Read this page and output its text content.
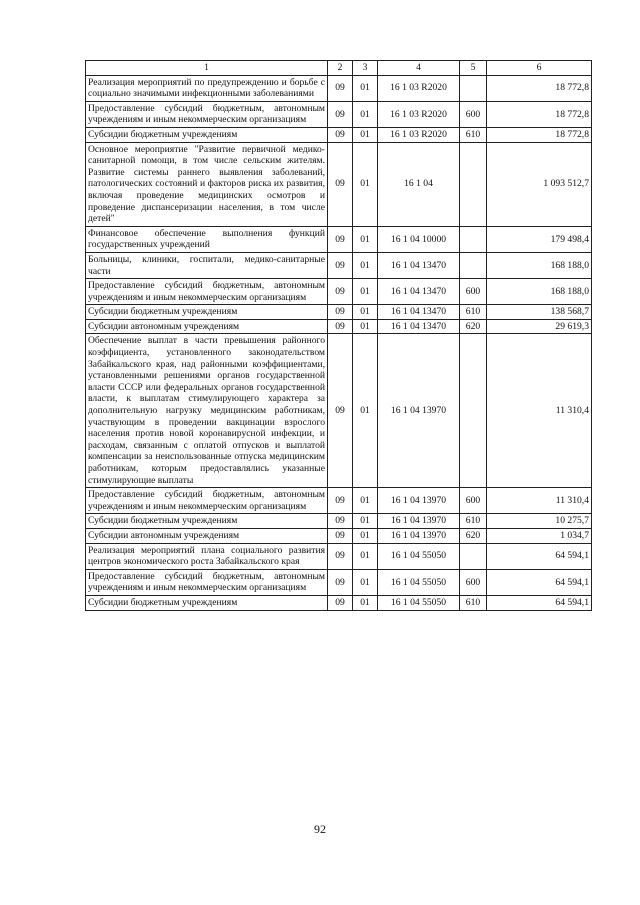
1	2	3	4	5	6
Реализация мероприятий по предупреждению и борьбе с социально значимыми инфекционными заболеваниями	09	01	16 1 03 R2020		18 772,8
Предоставление субсидий бюджетным, автономным учреждениям и иным некоммерческим организациям	09	01	16 1 03 R2020	600	18 772,8
Субсидии бюджетным учреждениям	09	01	16 1 03 R2020	610	18 772,8
Основное мероприятие "Развитие первичной медико-санитарной помощи, в том числе сельским жителям. Развитие системы раннего выявления заболеваний, патологических состояний и факторов риска их развития, включая проведение медицинских осмотров и проведение диспансеризации населения, в том числе детей"	09	01	16 1 04		1 093 512,7
Финансовое обеспечение выполнения функций государственных учреждений	09	01	16 1 04 10000		179 498,4
Больницы, клиники, госпитали, медико-санитарные части	09	01	16 1 04 13470		168 188,0
Предоставление субсидий бюджетным, автономным учреждениям и иным некоммерческим организациям	09	01	16 1 04 13470	600	168 188,0
Субсидии бюджетным учреждениям	09	01	16 1 04 13470	610	138 568,7
Субсидии автономным учреждениям	09	01	16 1 04 13470	620	29 619,3
Обеспечение выплат в части превышения районного коэффициента, установленного законодательством Забайкальского края, над районными коэффициентами, установленными решениями органов государственной власти СССР или федеральных органов государственной власти, к выплатам стимулирующего характера за дополнительную нагрузку медицинским работникам, участвующим в проведении вакцинации взрослого населения против новой коронавирусной инфекции, и расходам, связанным с оплатой отпусков и выплатой компенсации за неиспользованные отпуска медицинским работникам, которым предоставлялись указанные стимулирующие выплаты	09	01	16 1 04 13970		11 310,4
Предоставление субсидий бюджетным, автономным учреждениям и иным некоммерческим организациям	09	01	16 1 04 13970	600	11 310,4
Субсидии бюджетным учреждениям	09	01	16 1 04 13970	610	10 275,7
Субсидии автономным учреждениям	09	01	16 1 04 13970	620	1 034,7
Реализация мероприятий плана социального развития центров экономического роста Забайкальского края	09	01	16 1 04 55050		64 594,1
Предоставление субсидий бюджетным, автономным учреждениям и иным некоммерческим организациям	09	01	16 1 04 55050	600	64 594,1
Субсидии бюджетным учреждениям	09	01	16 1 04 55050	610	64 594,1
92
